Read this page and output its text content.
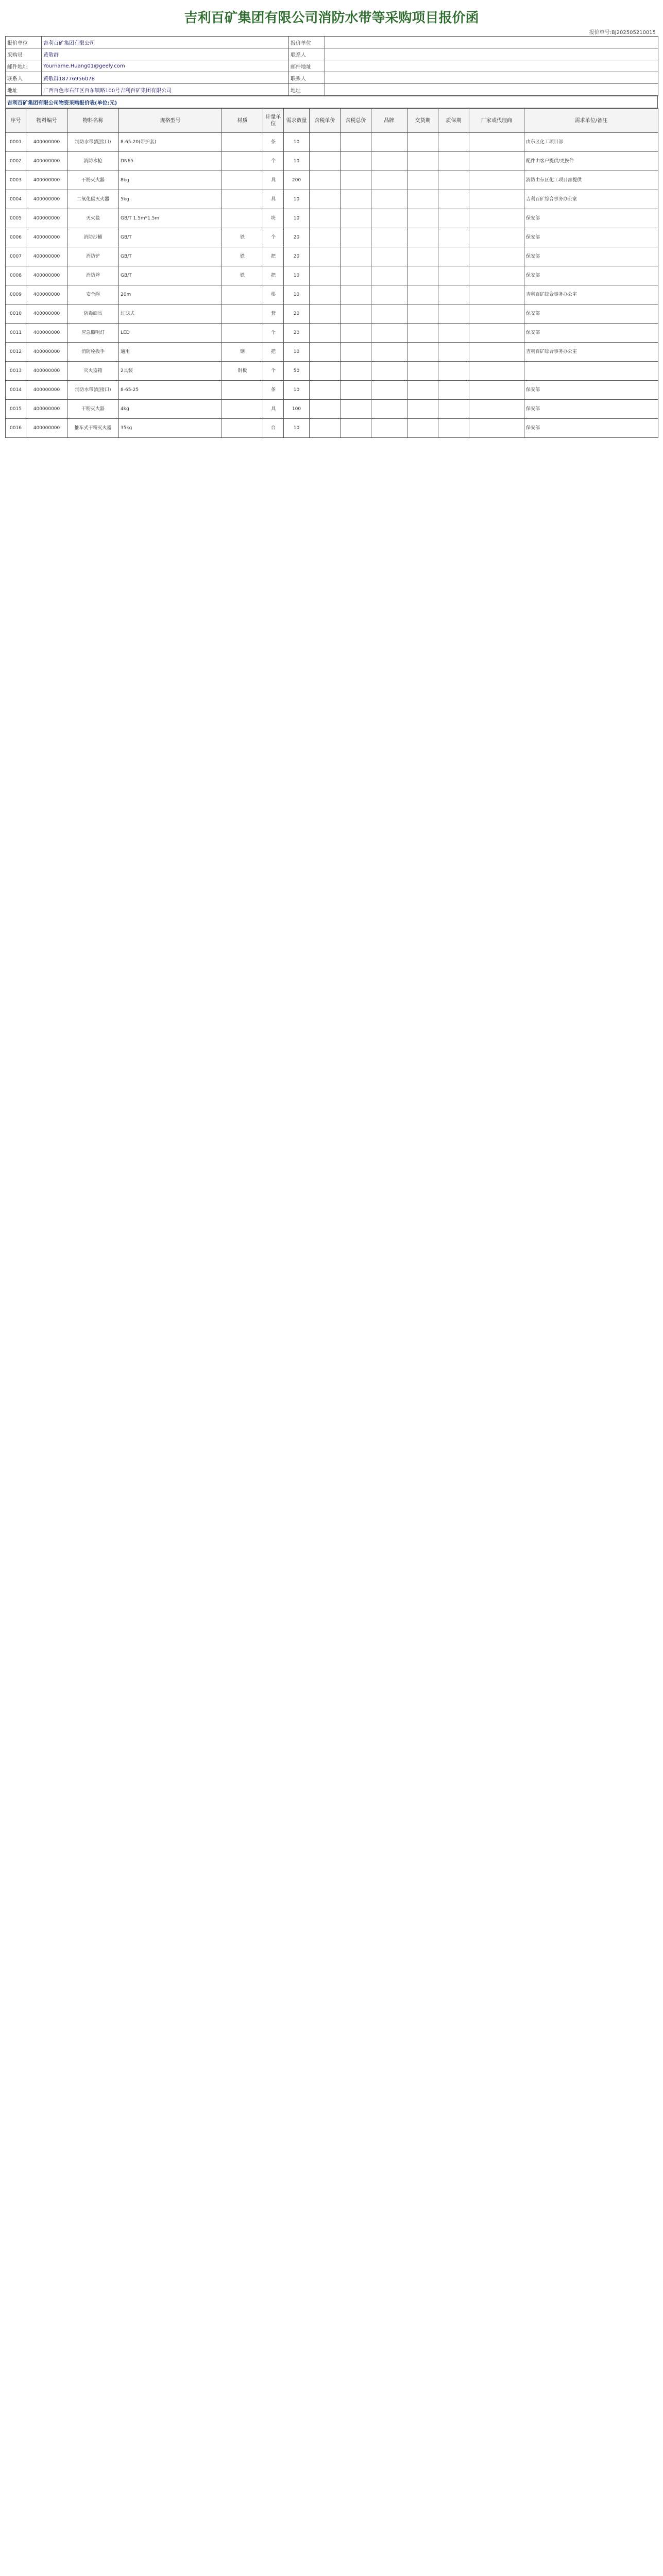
吉利百矿集团有限公司消防水带等采购项目报价函
报价单号:BJ202505210015
报价单位	吉利百矿集团有限公司	报价单位	
采购员	黄敬群	联系人	
邮件地址	Yourname.Huang01@geely.com	邮件地址	
联系人	黄敬群18776956078	联系人	
地址	广西百色市右江区百东镇路100号吉利百矿集团有限公司	地址	
吉利百矿集团有限公司物资采购报价表(单位:元)
序号	物料编号	物料名称	规格型号	材质	计量单位	需求数量	含税单价	含税总价	品牌	交货期	质保期	厂家或代理商	需求单位/备注
0001	400000000	消防水带(配接口)	8-65-20(带护套)		条	10							由东区化工项目部
0002	400000000	消防水枪	DN65		个	10							配件由客户提供/更换件
0003	400000000	干粉灭火器	8kg		具	200							消防由东区化工项目部提供
0004	400000000	二氧化碳灭火器	5kg		具	10							吉利百矿综合事务办公室
0005	400000000	灭火毯	GB/T 1.5m*1.5m		块	10							保安部
0006	400000000	消防沙桶	GB/T	铁	个	20							保安部
0007	400000000	消防铲	GB/T	铁	把	20							保安部
0008	400000000	消防斧	GB/T	铁	把	10							保安部
0009	400000000	安全绳	20m		根	10							吉利百矿综合事务办公室
0010	400000000	防毒面具	过滤式		套	20							保安部
0011	400000000	应急照明灯	LED		个	20							保安部
0012	400000000	消防栓扳手	通用	钢	把	10							吉利百矿综合事务办公室
0013	400000000	灭火器箱	2具装	钢板	个	50							
0014	400000000	消防水带(配接口)	8-65-25		条	10							保安部
0015	400000000	干粉灭火器	4kg		具	100							保安部
0016	400000000	推车式干粉灭火器	35kg		台	10							保安部
